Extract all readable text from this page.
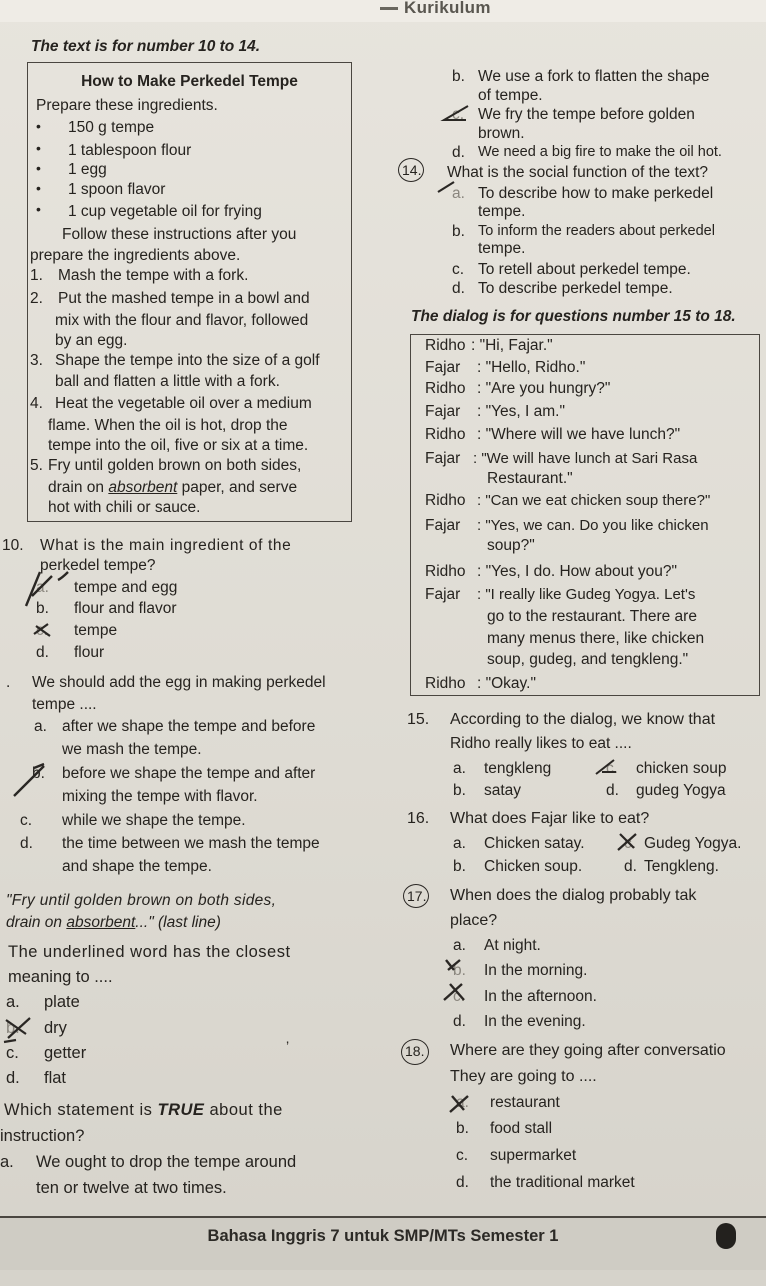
Kurikulum
The text is for number 10 to 14.
How to Make Perkedel Tempe
Prepare these ingredients.
• 150 g tempe
• 1 tablespoon flour
• 1 egg
• 1 spoon flavor
• 1 cup vegetable oil for frying
Follow these instructions after you
prepare the ingredients above.
1. Mash the tempe with a fork.
2. Put the mashed tempe in a bowl and
mix with the flour and flavor, followed
by an egg.
3. Shape the tempe into the size of a golf
ball and flatten a little with a fork.
4. Heat the vegetable oil over a medium
flame. When the oil is hot, drop the
tempe into the oil, five or six at a time.
5. Fry until golden brown on both sides,
drain on absorbent paper, and serve
hot with chili or sauce.
10. What is the main ingredient of the
perkedel tempe?
a. tempe and egg
b. flour and flavor
c. tempe
d. flour
. We should add the egg in making perkedel
tempe ....
a. after we shape the tempe and before
we mash the tempe.
b. before we shape the tempe and after
mixing the tempe with flavor.
c. while we shape the tempe.
d. the time between we mash the tempe
and shape the tempe.
"Fry until golden brown on both sides,
drain on absorbent..." (last line)
The underlined word has the closest
meaning to ....
a. plate
b. dry
c. getter
d. flat
’
Which statement is TRUE about the
instruction?
a. We ought to drop the tempe around
ten or twelve at two times.
b. We use a fork to flatten the shape
of tempe.
c. We fry the tempe before golden
brown.
d. We need a big fire to make the oil hot.
14. What is the social function of the text?
a. To describe how to make perkedel
tempe.
b. To inform the readers about perkedel
tempe.
c. To retell about perkedel tempe.
d. To describe perkedel tempe.
The dialog is for questions number 15 to 18.
Ridho : "Hi, Fajar."
Fajar : "Hello, Ridho."
Ridho : "Are you hungry?"
Fajar : "Yes, I am."
Ridho : "Where will we have lunch?"
Fajar : "We will have lunch at Sari Rasa
Restaurant."
Ridho : "Can we eat chicken soup there?"
Fajar : "Yes, we can. Do you like chicken
soup?"
Ridho : "Yes, I do. How about you?"
Fajar : "I really like Gudeg Yogya. Let's
go to the restaurant. There are
many menus there, like chicken
soup, gudeg, and tengkleng."
Ridho : "Okay."
15. According to the dialog, we know that
Ridho really likes to eat ....
a. tengkleng
b. satay
c. chicken soup
d. gudeg Yogya
16. What does Fajar like to eat?
a. Chicken satay.
b. Chicken soup.
c. Gudeg Yogya.
d. Tengkleng.
17. When does the dialog probably tak
place?
a. At night.
b. In the morning.
c. In the afternoon.
d. In the evening.
18. Where are they going after conversatio
They are going to ....
a. restaurant
b. food stall
c. supermarket
d. the traditional market
Bahasa Inggris 7 untuk SMP/MTs Semester 1
